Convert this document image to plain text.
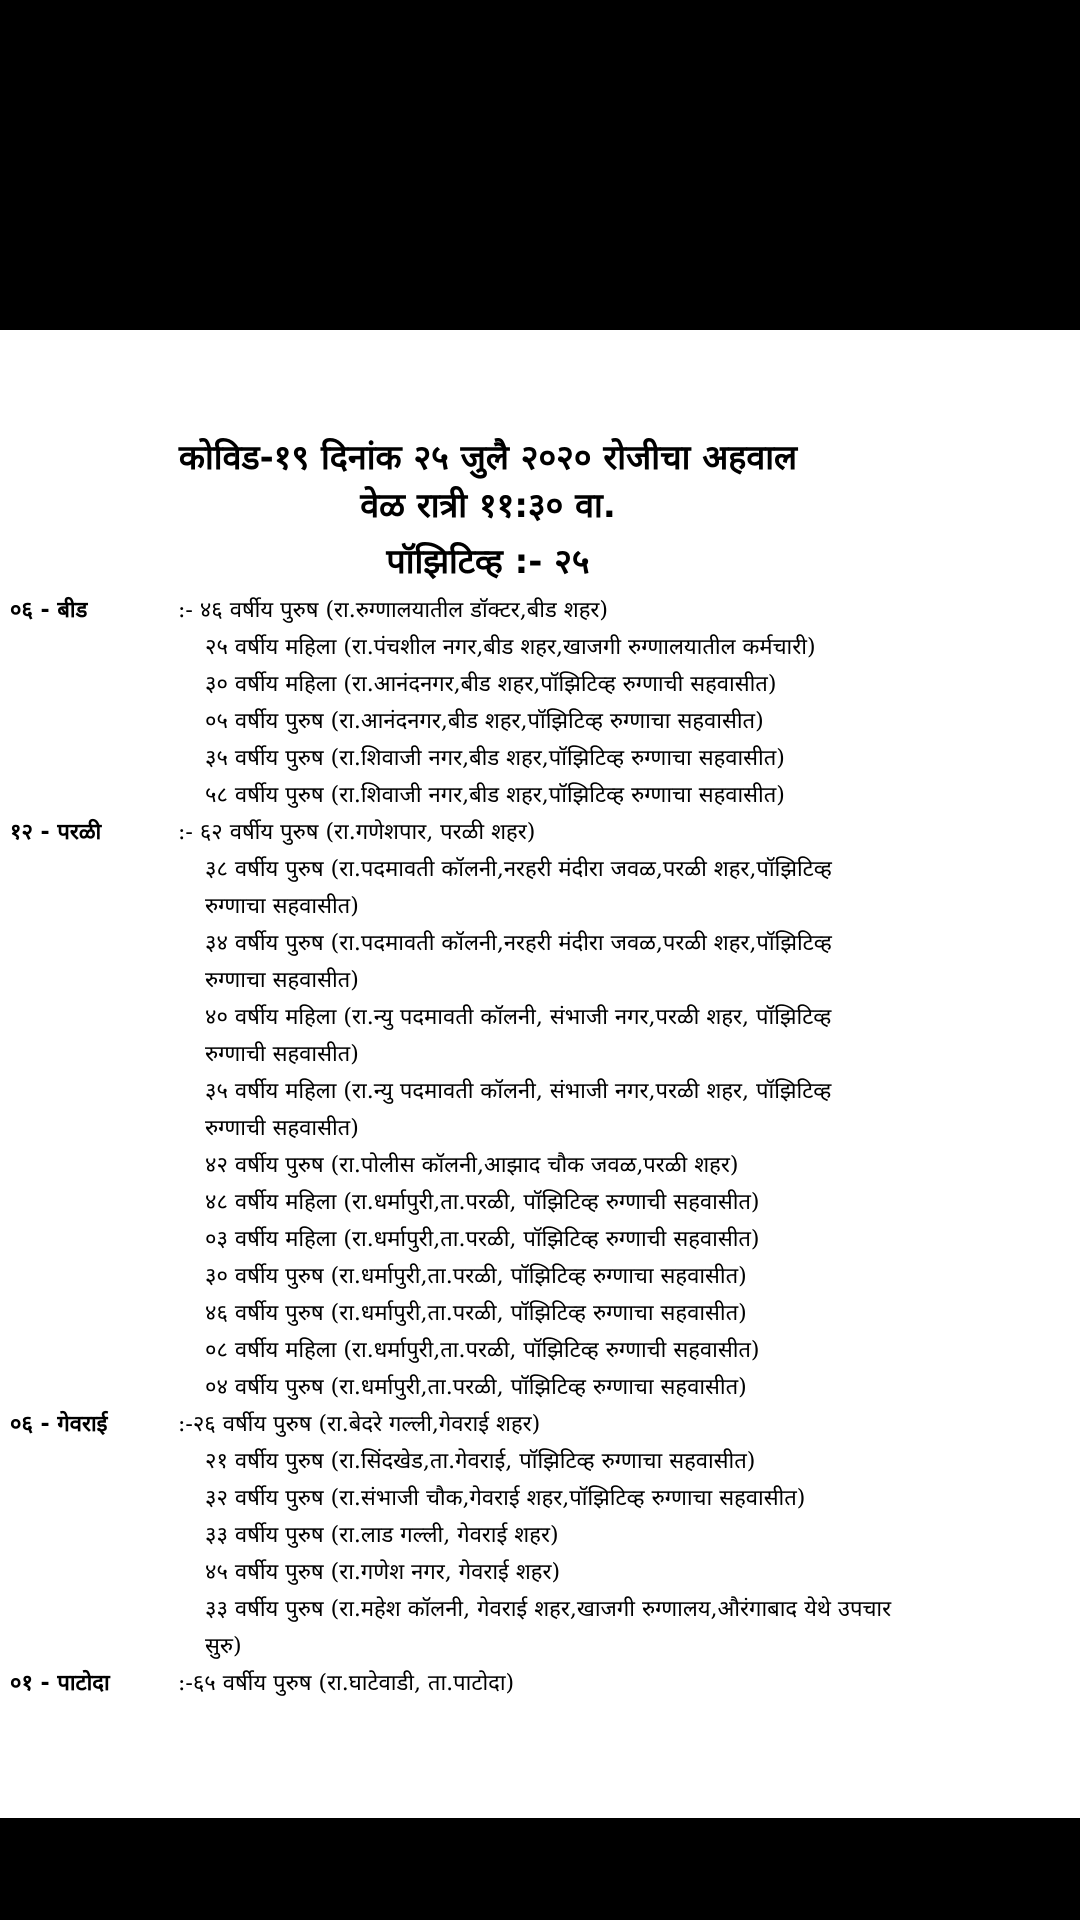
कोविड-१९ दिनांक २५ जुलै २०२० रोजीचा अहवाल
वेळ रात्री ११:३० वा.
पॉझिटिव्ह :- २५
०६ - बीड	:- ४६ वर्षीय पुरुष (रा.रुग्णालयातील डॉक्टर,बीड शहर)
२५ वर्षीय महिला (रा.पंचशील नगर,बीड शहर,खाजगी रुग्णालयातील कर्मचारी)
३० वर्षीय महिला (रा.आनंदनगर,बीड शहर,पॉझिटिव्ह रुग्णाची सहवासीत)
०५ वर्षीय पुरुष (रा.आनंदनगर,बीड शहर,पॉझिटिव्ह रुग्णाचा सहवासीत)
३५ वर्षीय पुरुष (रा.शिवाजी नगर,बीड शहर,पॉझिटिव्ह रुग्णाचा सहवासीत)
५८ वर्षीय पुरुष (रा.शिवाजी नगर,बीड शहर,पॉझिटिव्ह रुग्णाचा सहवासीत)
१२ - परळी	:- ६२ वर्षीय पुरुष (रा.गणेशपार, परळी शहर)
३८ वर्षीय पुरुष (रा.पदमावती कॉलनी,नरहरी मंदीरा जवळ,परळी शहर,पॉझिटिव्ह
रुग्णाचा सहवासीत)
३४ वर्षीय पुरुष (रा.पदमावती कॉलनी,नरहरी मंदीरा जवळ,परळी शहर,पॉझिटिव्ह
रुग्णाचा सहवासीत)
४० वर्षीय महिला (रा.न्यु पदमावती कॉलनी, संभाजी नगर,परळी शहर, पॉझिटिव्ह
रुग्णाची सहवासीत)
३५ वर्षीय महिला (रा.न्यु पदमावती कॉलनी, संभाजी नगर,परळी शहर, पॉझिटिव्ह
रुग्णाची सहवासीत)
४२ वर्षीय पुरुष (रा.पोलीस कॉलनी,आझाद चौक जवळ,परळी शहर)
४८ वर्षीय महिला (रा.धर्मापुरी,ता.परळी, पॉझिटिव्ह रुग्णाची सहवासीत)
०३ वर्षीय महिला (रा.धर्मापुरी,ता.परळी, पॉझिटिव्ह रुग्णाची सहवासीत)
३० वर्षीय पुरुष (रा.धर्मापुरी,ता.परळी, पॉझिटिव्ह रुग्णाचा सहवासीत)
४६ वर्षीय पुरुष (रा.धर्मापुरी,ता.परळी, पॉझिटिव्ह रुग्णाचा सहवासीत)
०८ वर्षीय महिला (रा.धर्मापुरी,ता.परळी, पॉझिटिव्ह रुग्णाची सहवासीत)
०४ वर्षीय पुरुष (रा.धर्मापुरी,ता.परळी, पॉझिटिव्ह रुग्णाचा सहवासीत)
०६ - गेवराई	:-२६ वर्षीय पुरुष (रा.बेदरे गल्ली,गेवराई शहर)
२१ वर्षीय पुरुष (रा.सिंदखेड,ता.गेवराई, पॉझिटिव्ह रुग्णाचा सहवासीत)
३२ वर्षीय पुरुष (रा.संभाजी चौक,गेवराई शहर,पॉझिटिव्ह रुग्णाचा सहवासीत)
३३ वर्षीय पुरुष (रा.लाड गल्ली, गेवराई शहर)
४५ वर्षीय पुरुष (रा.गणेश नगर, गेवराई शहर)
३३ वर्षीय पुरुष (रा.महेश कॉलनी, गेवराई शहर,खाजगी रुग्णालय,औरंगाबाद येथे उपचार
सुरु)
०१ - पाटोदा	:-६५ वर्षीय पुरुष (रा.घाटेवाडी, ता.पाटोदा)
